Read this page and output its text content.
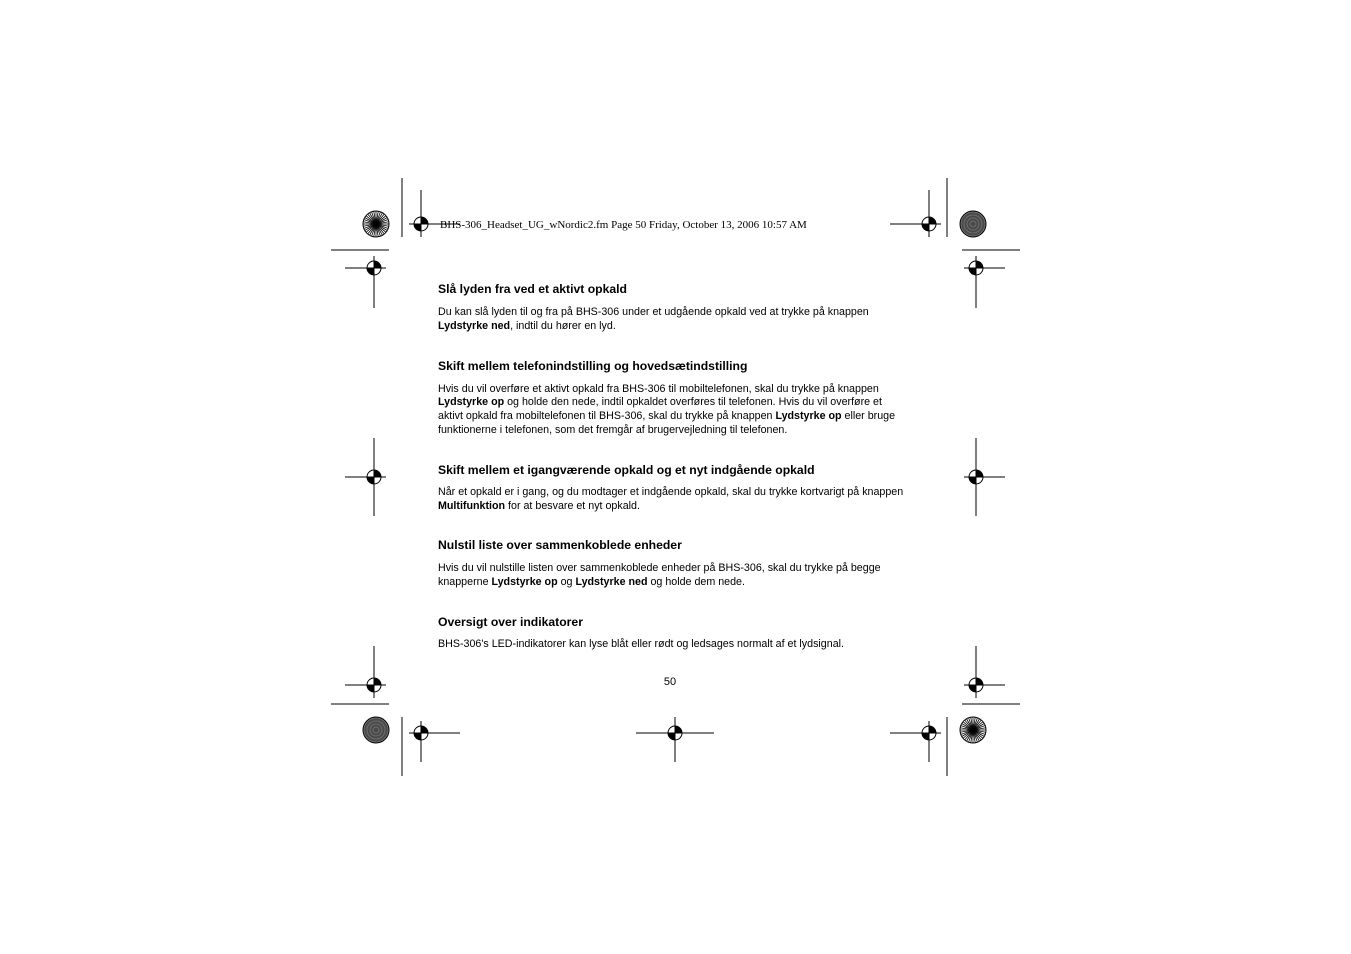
BHS-306_Headset_UG_wNordic2.fm Page 50 Friday, October 13, 2006 10:57 AM
Slå lyden fra ved et aktivt opkald

Du kan slå lyden til og fra på BHS-306 under et udgående opkald ved at trykke på knappen Lydstyrke ned, indtil du hører en lyd.

Skift mellem telefonindstilling og hovedsætindstilling

Hvis du vil overføre et aktivt opkald fra BHS-306 til mobiltelefonen, skal du trykke på knappen Lydstyrke op og holde den nede, indtil opkaldet overføres til telefonen. Hvis du vil overføre et aktivt opkald fra mobiltelefonen til BHS-306, skal du trykke på knappen Lydstyrke op eller bruge funktionerne i telefonen, som det fremgår af brugervejledning til telefonen.

Skift mellem et igangværende opkald og et nyt indgående opkald

Når et opkald er i gang, og du modtager et indgående opkald, skal du trykke kortvarigt på knappen Multifunktion for at besvare et nyt opkald.

Nulstil liste over sammenkoblede enheder

Hvis du vil nulstille listen over sammenkoblede enheder på BHS-306, skal du trykke på begge knapperne Lydstyrke op og Lydstyrke ned og holde dem nede.

Oversigt over indikatorer

BHS-306's LED-indikatorer kan lyse blåt eller rødt og ledsages normalt af et lydsignal.

50
